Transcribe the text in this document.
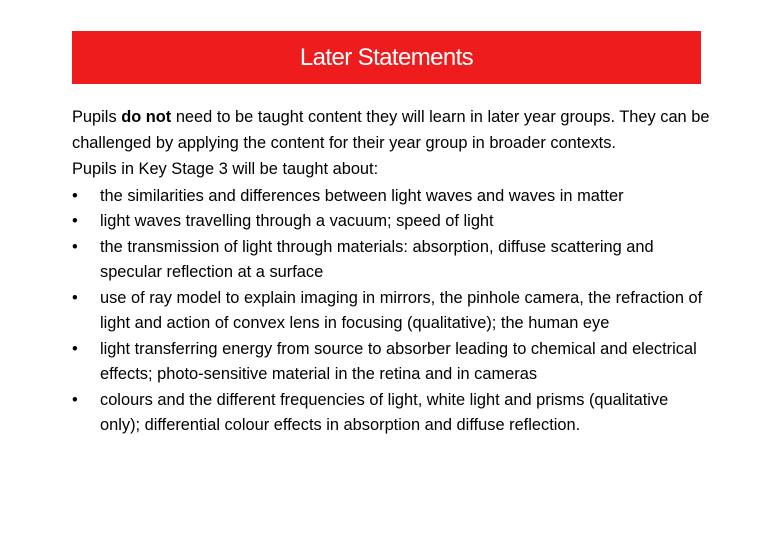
Later Statements

Pupils do not need to be taught content they will learn in later year groups. They can be challenged by applying the content for their year group in broader contexts.

Pupils in Key Stage 3 will be taught about:

• the similarities and differences between light waves and waves in matter
• light waves travelling through a vacuum; speed of light
• the transmission of light through materials: absorption, diffuse scattering and specular reflection at a surface
• use of ray model to explain imaging in mirrors, the pinhole camera, the refraction of light and action of convex lens in focusing (qualitative); the human eye
• light transferring energy from source to absorber leading to chemical and electrical effects; photo-sensitive material in the retina and in cameras
• colours and the different frequencies of light, white light and prisms (qualitative only); differential colour effects in absorption and diffuse reflection.
